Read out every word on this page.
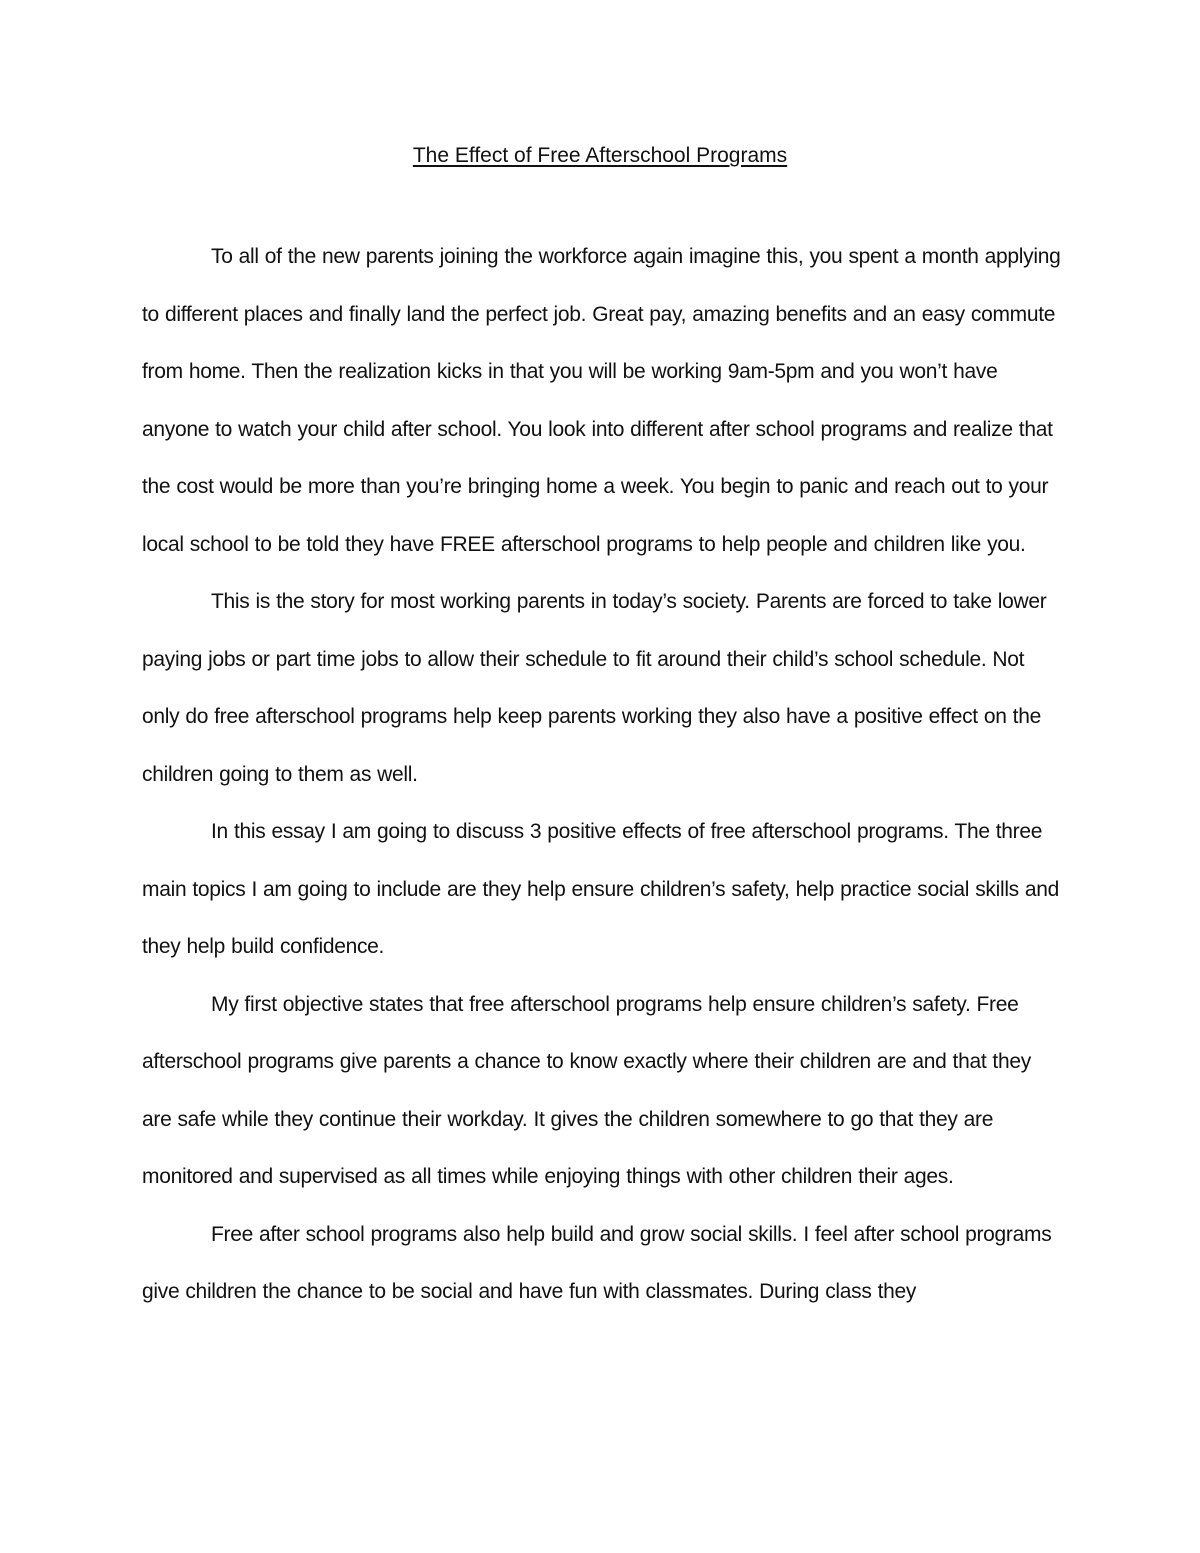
The Effect of Free Afterschool Programs

To all of the new parents joining the workforce again imagine this, you spent a month applying to different places and finally land the perfect job. Great pay, amazing benefits and an easy commute from home. Then the realization kicks in that you will be working 9am-5pm and you won’t have anyone to watch your child after school. You look into different after school programs and realize that the cost would be more than you’re bringing home a week. You begin to panic and reach out to your local school to be told they have FREE afterschool programs to help people and children like you.

This is the story for most working parents in today’s society. Parents are forced to take lower paying jobs or part time jobs to allow their schedule to fit around their child’s school schedule. Not only do free afterschool programs help keep parents working they also have a positive effect on the children going to them as well.

In this essay I am going to discuss 3 positive effects of free afterschool programs. The three main topics I am going to include are they help ensure children’s safety, help practice social skills and they help build confidence.

My first objective states that free afterschool programs help ensure children’s safety. Free afterschool programs give parents a chance to know exactly where their children are and that they are safe while they continue their workday. It gives the children somewhere to go that they are monitored and supervised as all times while enjoying things with other children their ages.

Free after school programs also help build and grow social skills. I feel after school programs give children the chance to be social and have fun with classmates. During class they
